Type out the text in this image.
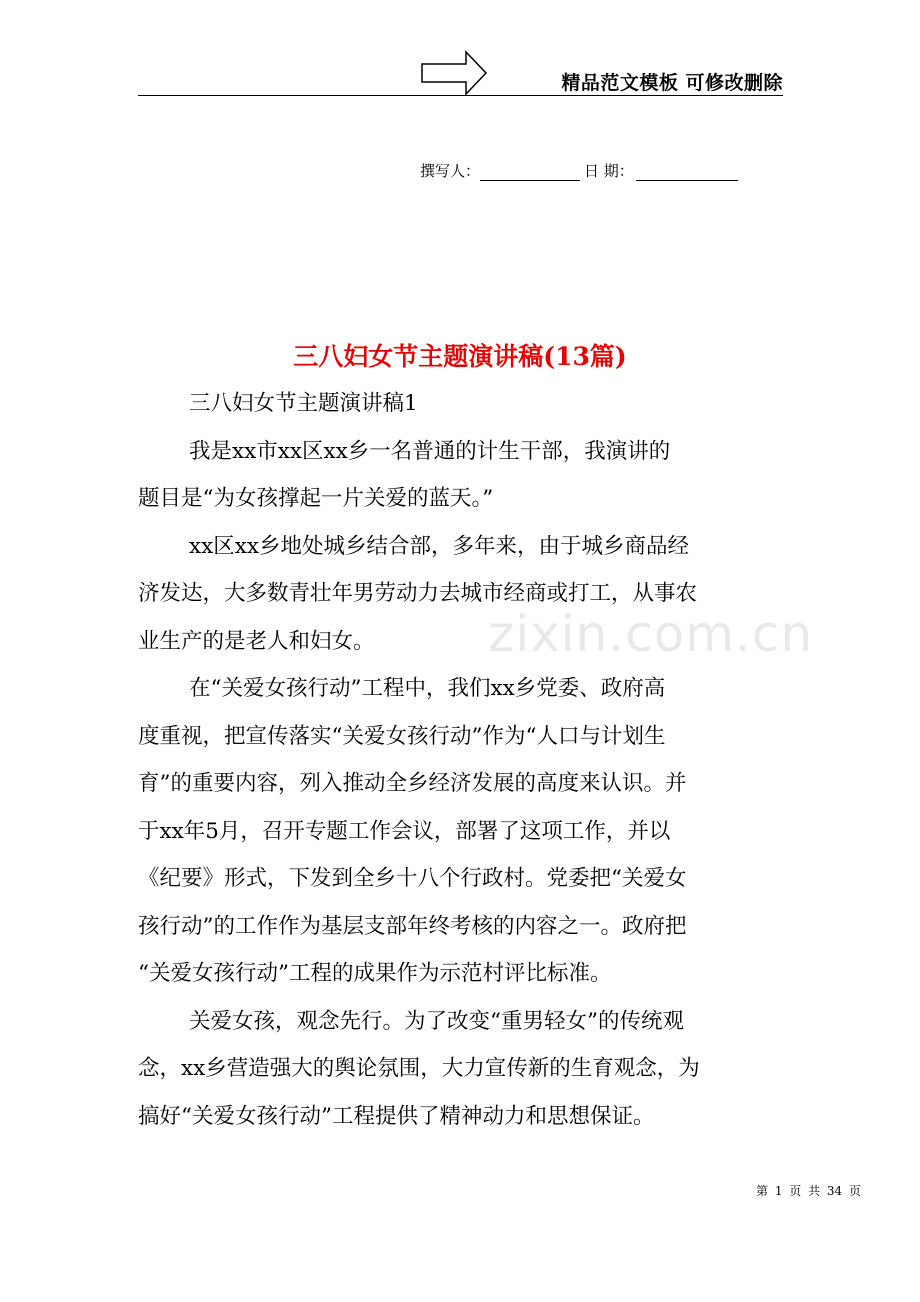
精品范文模板 可修改删除
撰写人：	日 期：
三八妇女节主题演讲稿(13篇)
zixin.com.cn
三八妇女节主题演讲稿1
我是xx市xx区xx乡一名普通的计生干部，我演讲的
题目是“为女孩撑起一片关爱的蓝天。”
xx区xx乡地处城乡结合部，多年来，由于城乡商品经
济发达，大多数青壮年男劳动力去城市经商或打工，从事农
业生产的是老人和妇女。
在“关爱女孩行动”工程中，我们xx乡党委、政府高
度重视，把宣传落实“关爱女孩行动”作为“人口与计划生
育”的重要内容，列入推动全乡经济发展的高度来认识。并
于xx年5月，召开专题工作会议，部署了这项工作，并以
《纪要》形式，下发到全乡十八个行政村。党委把“关爱女
孩行动”的工作作为基层支部年终考核的内容之一。政府把
“关爱女孩行动”工程的成果作为示范村评比标准。
关爱女孩，观念先行。为了改变“重男轻女”的传统观
念，xx乡营造强大的舆论氛围，大力宣传新的生育观念，为
搞好“关爱女孩行动”工程提供了精神动力和思想保证。
第 1 页 共 34 页
